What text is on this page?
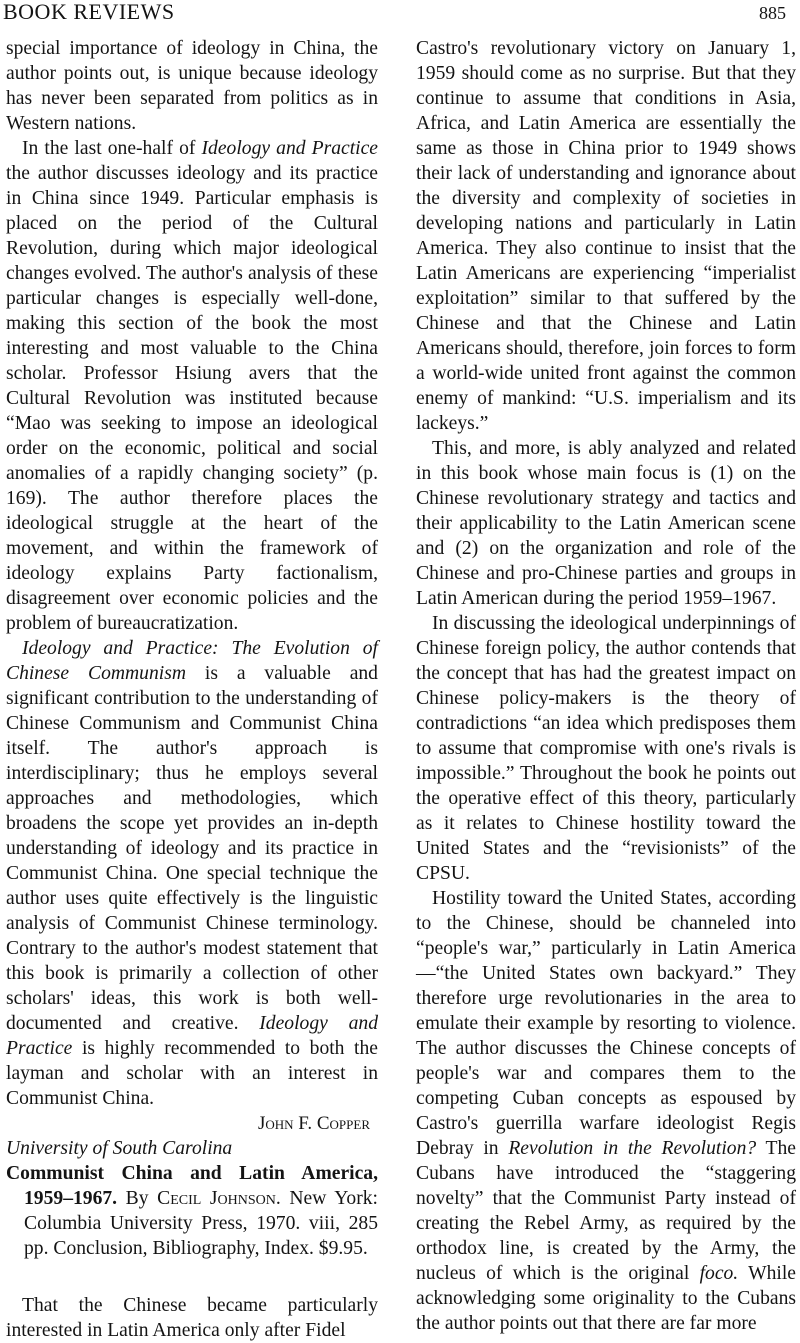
BOOK REVIEWS	885

special importance of ideology in China, the author points out, is unique because ideology has never been separated from politics as in Western nations.

In the last one-half of Ideology and Practice the author discusses ideology and its practice in China since 1949. Particular emphasis is placed on the period of the Cultural Revolution, during which major ideological changes evolved. The author's analysis of these particular changes is especially well-done, making this section of the book the most interesting and most valuable to the China scholar. Professor Hsiung avers that the Cultural Revolution was instituted because “Mao was seeking to impose an ideological order on the economic, political and social anomalies of a rapidly changing society” (p. 169). The author therefore places the ideological struggle at the heart of the movement, and within the framework of ideology explains Party factionalism, disagreement over economic policies and the problem of bureaucratization.

Ideology and Practice: The Evolution of Chinese Communism is a valuable and significant contribution to the understanding of Chinese Communism and Communist China itself. The author's approach is interdisciplinary; thus he employs several approaches and methodologies, which broadens the scope yet provides an in-depth understanding of ideology and its practice in Communist China. One special technique the author uses quite effectively is the linguistic analysis of Communist Chinese terminology. Contrary to the author's modest statement that this book is primarily a collection of other scholars' ideas, this work is both well-documented and creative. Ideology and Practice is highly recommended to both the layman and scholar with an interest in Communist China.

John F. Copper
University of South Carolina

Communist China and Latin America, 1959–1967. By Cecil Johnson. New York: Columbia University Press, 1970. viii, 285 pp. Conclusion, Bibliography, Index. $9.95.

That the Chinese became particularly interested in Latin America only after Fidel

Castro's revolutionary victory on January 1, 1959 should come as no surprise. But that they continue to assume that conditions in Asia, Africa, and Latin America are essentially the same as those in China prior to 1949 shows their lack of understanding and ignorance about the diversity and complexity of societies in developing nations and particularly in Latin America. They also continue to insist that the Latin Americans are experiencing “imperialist exploitation” similar to that suffered by the Chinese and that the Chinese and Latin Americans should, therefore, join forces to form a world-wide united front against the common enemy of mankind: “U.S. imperialism and its lackeys.”

This, and more, is ably analyzed and related in this book whose main focus is (1) on the Chinese revolutionary strategy and tactics and their applicability to the Latin American scene and (2) on the organization and role of the Chinese and pro-Chinese parties and groups in Latin American during the period 1959–1967.

In discussing the ideological underpinnings of Chinese foreign policy, the author contends that the concept that has had the greatest impact on Chinese policy-makers is the theory of contradictions “an idea which predisposes them to assume that compromise with one's rivals is impossible.” Throughout the book he points out the operative effect of this theory, particularly as it relates to Chinese hostility toward the United States and the “revisionists” of the CPSU.

Hostility toward the United States, according to the Chinese, should be channeled into “people's war,” particularly in Latin America —“the United States own backyard.” They therefore urge revolutionaries in the area to emulate their example by resorting to violence. The author discusses the Chinese concepts of people's war and compares them to the competing Cuban concepts as espoused by Castro's guerrilla warfare ideologist Regis Debray in Revolution in the Revolution? The Cubans have introduced the “staggering novelty” that the Communist Party instead of creating the Rebel Army, as required by the orthodox line, is created by the Army, the nucleus of which is the original foco. While acknowledging some originality to the Cubans the author points out that there are far more
